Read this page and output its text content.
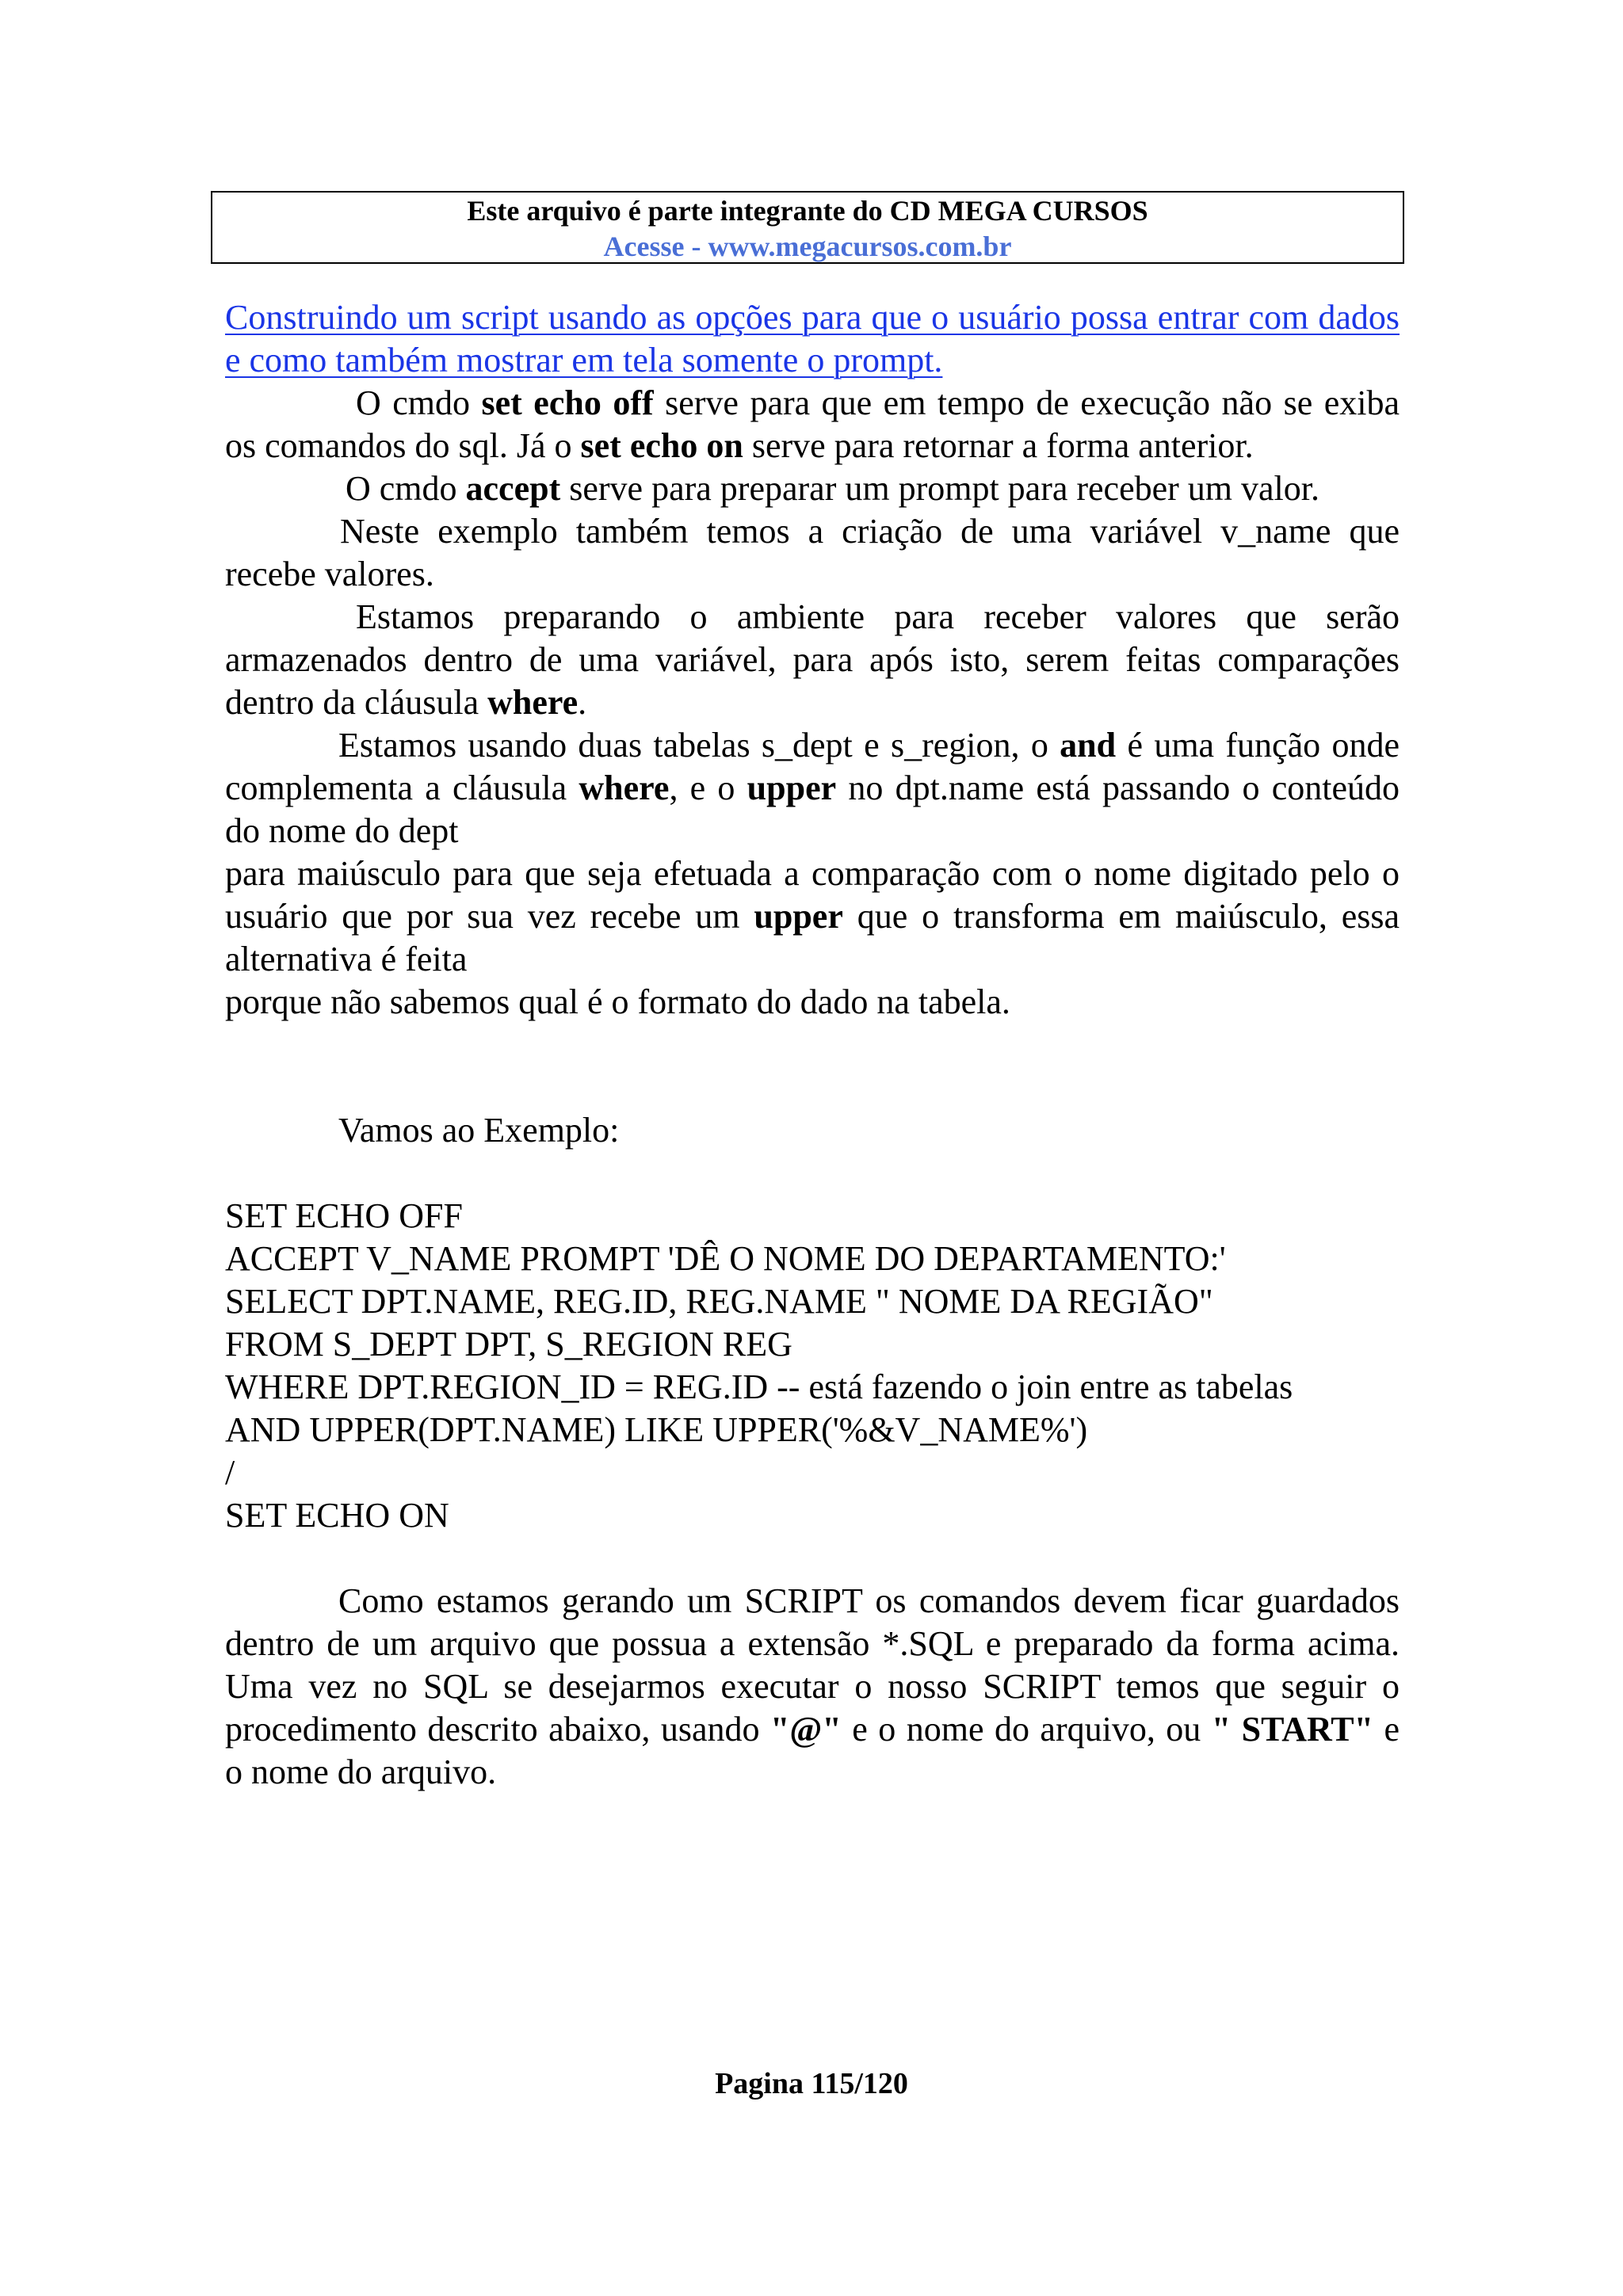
Este arquivo é parte integrante do CD MEGA CURSOS
Acesse - www.megacursos.com.br

Construindo um script usando as opções para que o usuário possa entrar com dados e como também mostrar em tela somente o prompt.

O cmdo set echo off serve para que em tempo de execução não se exiba os comandos do sql. Já o set echo on serve para retornar a forma anterior.

O cmdo accept serve para preparar um prompt para receber um valor.

Neste exemplo também temos a criação de uma variável v_name que recebe valores.

Estamos preparando o ambiente para receber valores que serão armazenados dentro de uma variável, para após isto, serem feitas comparações dentro da cláusula where.

Estamos usando duas tabelas s_dept e s_region, o and é uma função onde complementa a cláusula where, e o upper no dpt.name está passando o conteúdo do nome do dept

para maiúsculo para que seja efetuada a comparação com o nome digitado pelo o usuário que por sua vez recebe um upper que o transforma em maiúsculo, essa alternativa é feita

porque não sabemos qual é o formato do dado na tabela.

Vamos ao Exemplo:

SET ECHO OFF
ACCEPT V_NAME PROMPT 'DÊ O NOME DO DEPARTAMENTO:'
SELECT DPT.NAME, REG.ID, REG.NAME " NOME DA REGIÃO"
FROM S_DEPT DPT, S_REGION REG
WHERE DPT.REGION_ID = REG.ID -- está fazendo o join entre as tabelas
AND UPPER(DPT.NAME) LIKE UPPER('%&V_NAME%')
/
SET ECHO ON

Como estamos gerando um SCRIPT os comandos devem ficar guardados dentro de um arquivo que possua a extensão *.SQL e preparado da forma acima. Uma vez no SQL se desejarmos executar o nosso SCRIPT temos que seguir o procedimento descrito abaixo, usando "@" e o nome do arquivo, ou " START" e o nome do arquivo.

Pagina 115/120
